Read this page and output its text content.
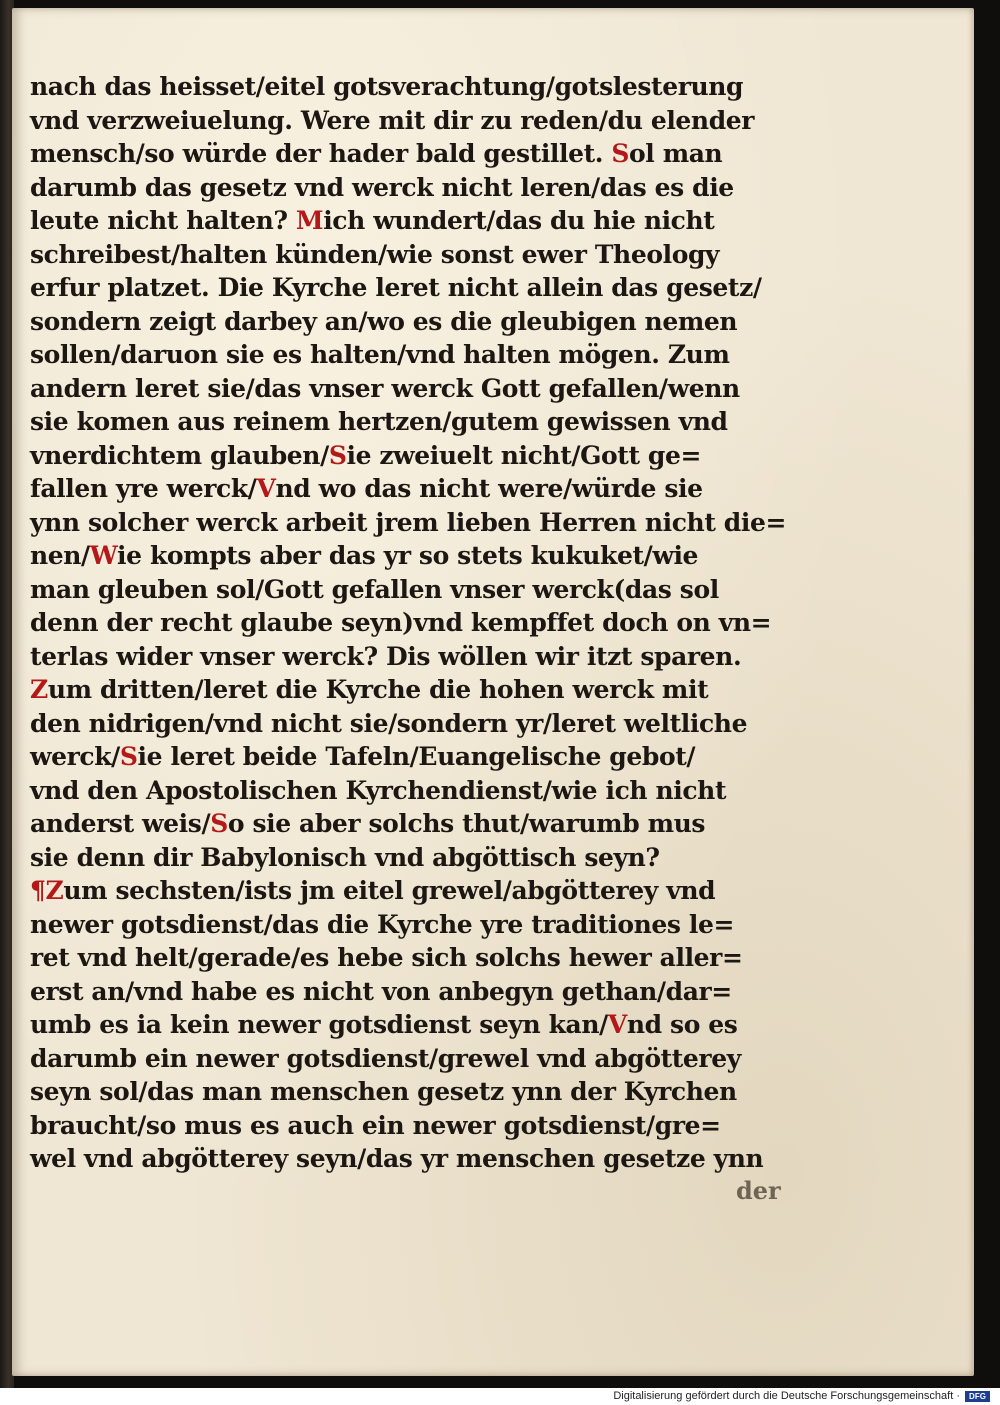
nach das heisset/eitel gotsverachtung/gotslesterung
vnd verzweiuelung. Were mit dir zu reden/du elender
mensch/so würde der hader bald gestillet. Sol man
darumb das gesetz vnd werck nicht leren/das es die
leute nicht halten? Mich wundert/das du hie nicht
schreibest/halten künden/wie sonst ewer Theology
erfur platzet. Die Kyrche leret nicht allein das gesetz/
sondern zeigt darbey an/wo es die gleubigen nemen
sollen/daruon sie es halten/vnd halten mögen. Zum
andern leret sie/das vnser werck Gott gefallen/wenn
sie komen aus reinem hertzen/gutem gewissen vnd
vnerdichtem glauben/Sie zweiuelt nicht/Gott ge=
fallen yre werck/Vnd wo das nicht were/würde sie
ynn solcher werck arbeit jrem lieben Herren nicht die=
nen/Wie kompts aber das yr so stets kukuket/wie
man gleuben sol/Gott gefallen vnser werck(das sol
denn der recht glaube seyn)vnd kempffet doch on vn=
terlas wider vnser werck? Dis wöllen wir itzt sparen.
Zum dritten/leret die Kyrche die hohen werck mit
den nidrigen/vnd nicht sie/sondern yr/leret weltliche
werck/Sie leret beide Tafeln/Euangelische gebot/
vnd den Apostolischen Kyrchendienst/wie ich nicht
anderst weis/So sie aber solchs thut/warumb mus
sie denn dir Babylonisch vnd abgöttisch seyn?
¶Zum sechsten/ists jm eitel grewel/abgötterey vnd
newer gotsdienst/das die Kyrche yre traditiones le=
ret vnd helt/gerade/es hebe sich solchs hewer aller=
erst an/vnd habe es nicht von anbegyn gethan/dar=
umb es ia kein newer gotsdienst seyn kan/Vnd so es
darumb ein newer gotsdienst/grewel vnd abgötterey
seyn sol/das man menschen gesetz ynn der Kyrchen
braucht/so mus es auch ein newer gotsdienst/gre=
wel vnd abgötterey seyn/das yr menschen gesetze ynn
der
Digitalisierung gefördert durch die Deutsche Forschungsgemeinschaft ·	DFG
